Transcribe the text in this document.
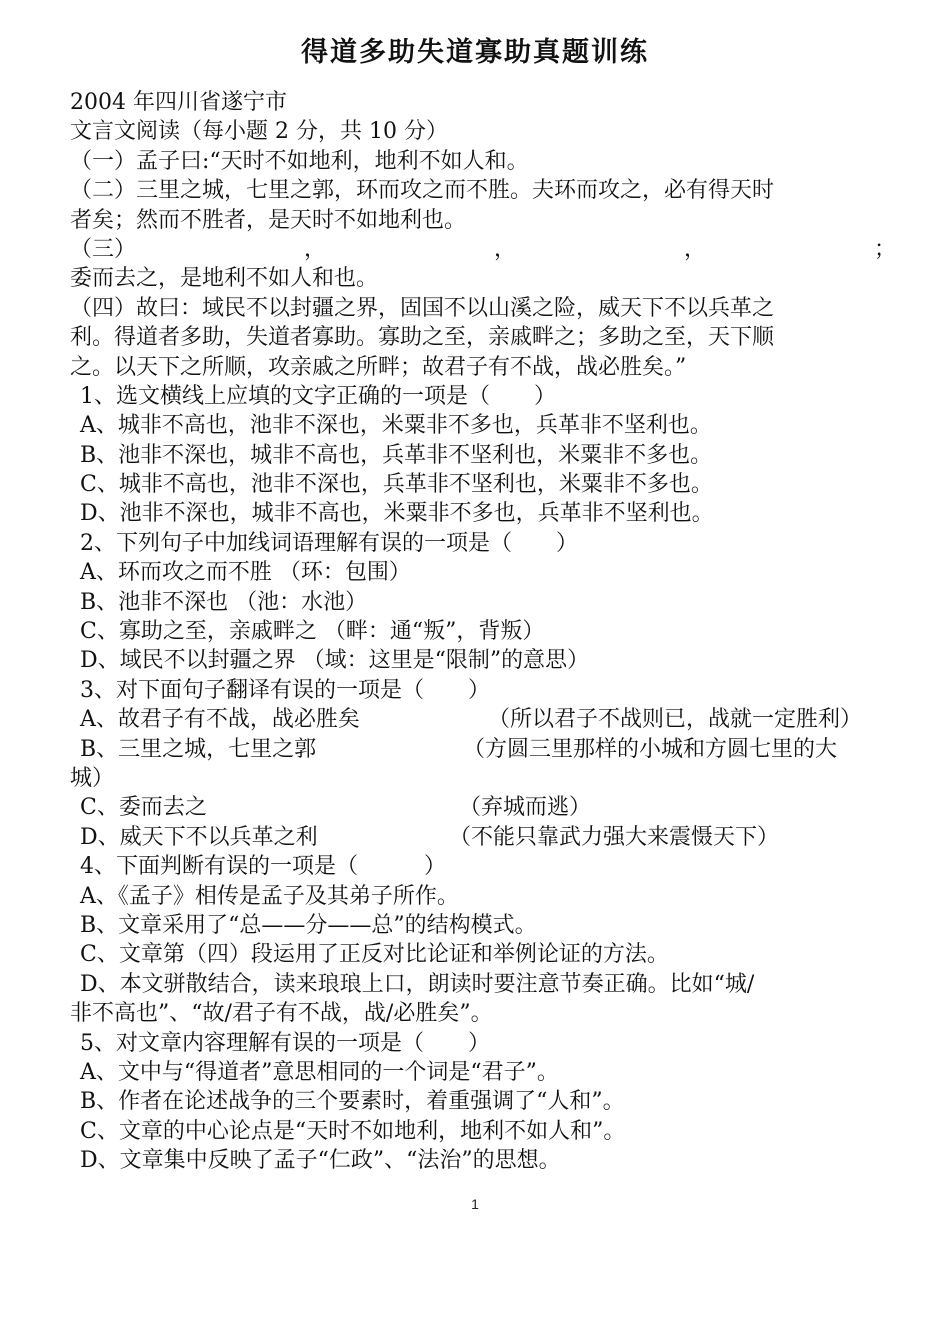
得道多助失道寡助真题训练
2004 年四川省遂宁市
文言文阅读（每小题 2 分，共 10 分）
（一）孟子曰:“天时不如地利，地利不如人和。
（二）三里之城，七里之郭，环而攻之而不胜。夫环而攻之，必有得天时
者矣；然而不胜者，是天时不如地利也。
（三）	，	，	，	；
委而去之，是地利不如人和也。
（四）故曰：域民不以封疆之界，固国不以山溪之险，威天下不以兵革之
利。得道者多助，失道者寡助。寡助之至，亲戚畔之；多助之至，天下顺
之。以天下之所顺，攻亲戚之所畔；故君子有不战，战必胜矣。”
1、选文横线上应填的文字正确的一项是（　　）
A、城非不高也，池非不深也，米粟非不多也，兵革非不坚利也。
B、池非不深也，城非不高也，兵革非不坚利也，米粟非不多也。
C、城非不高也，池非不深也，兵革非不坚利也，米粟非不多也。
D、池非不深也，城非不高也，米粟非不多也，兵革非不坚利也。
2、下列句子中加线词语理解有误的一项是（　　）
A、环而攻之而不胜 （环：包围）
B、池非不深也 （池：水池）
C、寡助之至，亲戚畔之 （畔：通“叛”，背叛）
D、域民不以封疆之界 （域：这里是“限制”的意思）
3、对下面句子翻译有误的一项是（　　）
A、故君子有不战，战必胜矣	（所以君子不战则已，战就一定胜利）
B、三里之城，七里之郭	（方圆三里那样的小城和方圆七里的大
城）
C、委而去之	（弃城而逃）
D、威天下不以兵革之利	（不能只靠武力强大来震慑天下）
4、下面判断有误的一项是（　　　）
A、《孟子》相传是孟子及其弟子所作。
B、文章采用了“总——分——总”的结构模式。
C、文章第（四）段运用了正反对比论证和举例论证的方法。
D、本文骈散结合，读来琅琅上口，朗读时要注意节奏正确。比如“城/
非不高也”、“故/君子有不战，战/必胜矣”。
5、对文章内容理解有误的一项是（　　）
A、文中与“得道者”意思相同的一个词是“君子”。
B、作者在论述战争的三个要素时，着重强调了“人和”。
C、文章的中心论点是“天时不如地利，地利不如人和”。
D、文章集中反映了孟子“仁政”、“法治”的思想。
1
